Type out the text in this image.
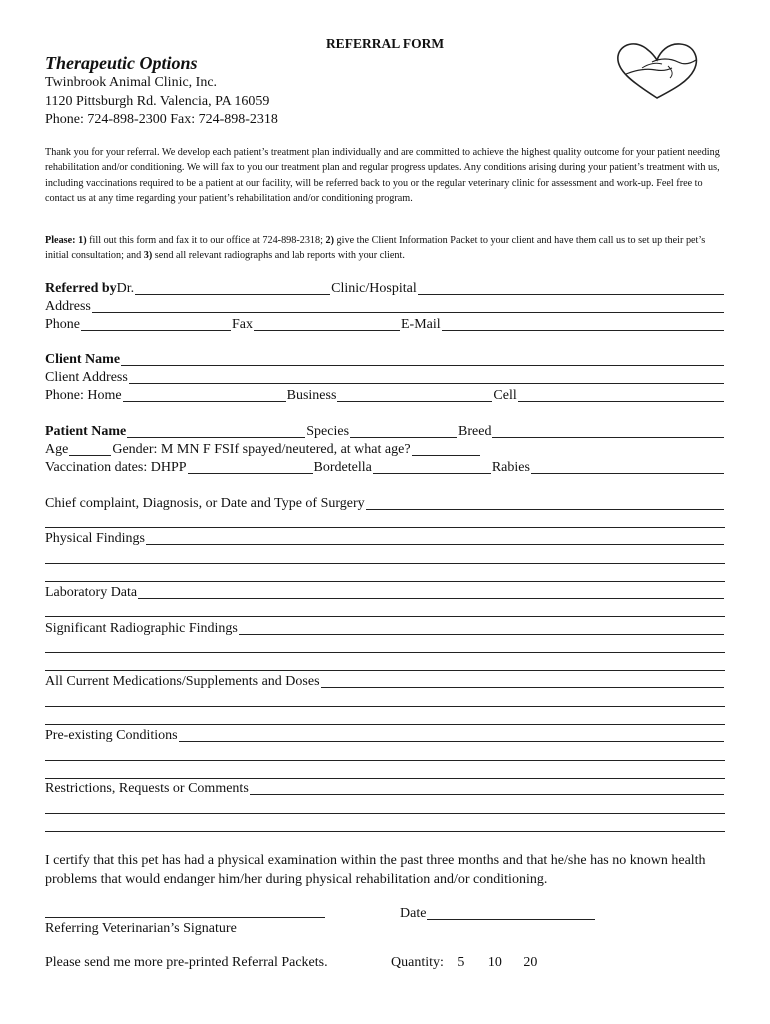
REFERRAL FORM
Therapeutic Options
Twinbrook Animal Clinic, Inc.
1120 Pittsburgh Rd. Valencia, PA 16059
Phone: 724-898-2300 Fax: 724-898-2318
Thank you for your referral. We develop each patient’s treatment plan individually and are committed to achieve the highest quality outcome for your patient needing rehabilitation and/or conditioning. We will fax to you our treatment plan and regular progress updates. Any conditions arising during your patient’s treatment with us, including vaccinations required to be a patient at our facility, will be referred back to you or the regular veterinary clinic for assessment and work-up. Feel free to contact us at any time regarding your patient’s rehabilitation and/or conditioning program.
Please: 1) fill out this form and fax it to our office at 724-898-2318; 2) give the Client Information Packet to your client and have them call us to set up their pet’s initial consultation; and 3) send all relevant radiographs and lab reports with your client.
Referred by Dr.	Clinic/Hospital
Address
Phone	Fax	E-Mail
Client Name
Client Address
Phone: Home	Business	Cell
Patient Name	Species	Breed
Age	Gender: M MN F FS If spayed/neutered, at what age?
Vaccination dates: DHPP	Bordetella	Rabies
Chief complaint, Diagnosis, or Date and Type of Surgery
Physical Findings
Laboratory Data
Significant Radiographic Findings
All Current Medications/Supplements and Doses
Pre-existing Conditions
Restrictions, Requests or Comments
I certify that this pet has had a physical examination within the past three months and that he/she has no known health problems that would endanger him/her during physical rehabilitation and/or conditioning.
Referring Veterinarian’s Signature
Date
Please send me more pre-printed Referral Packets.	Quantity: 5 10 20
